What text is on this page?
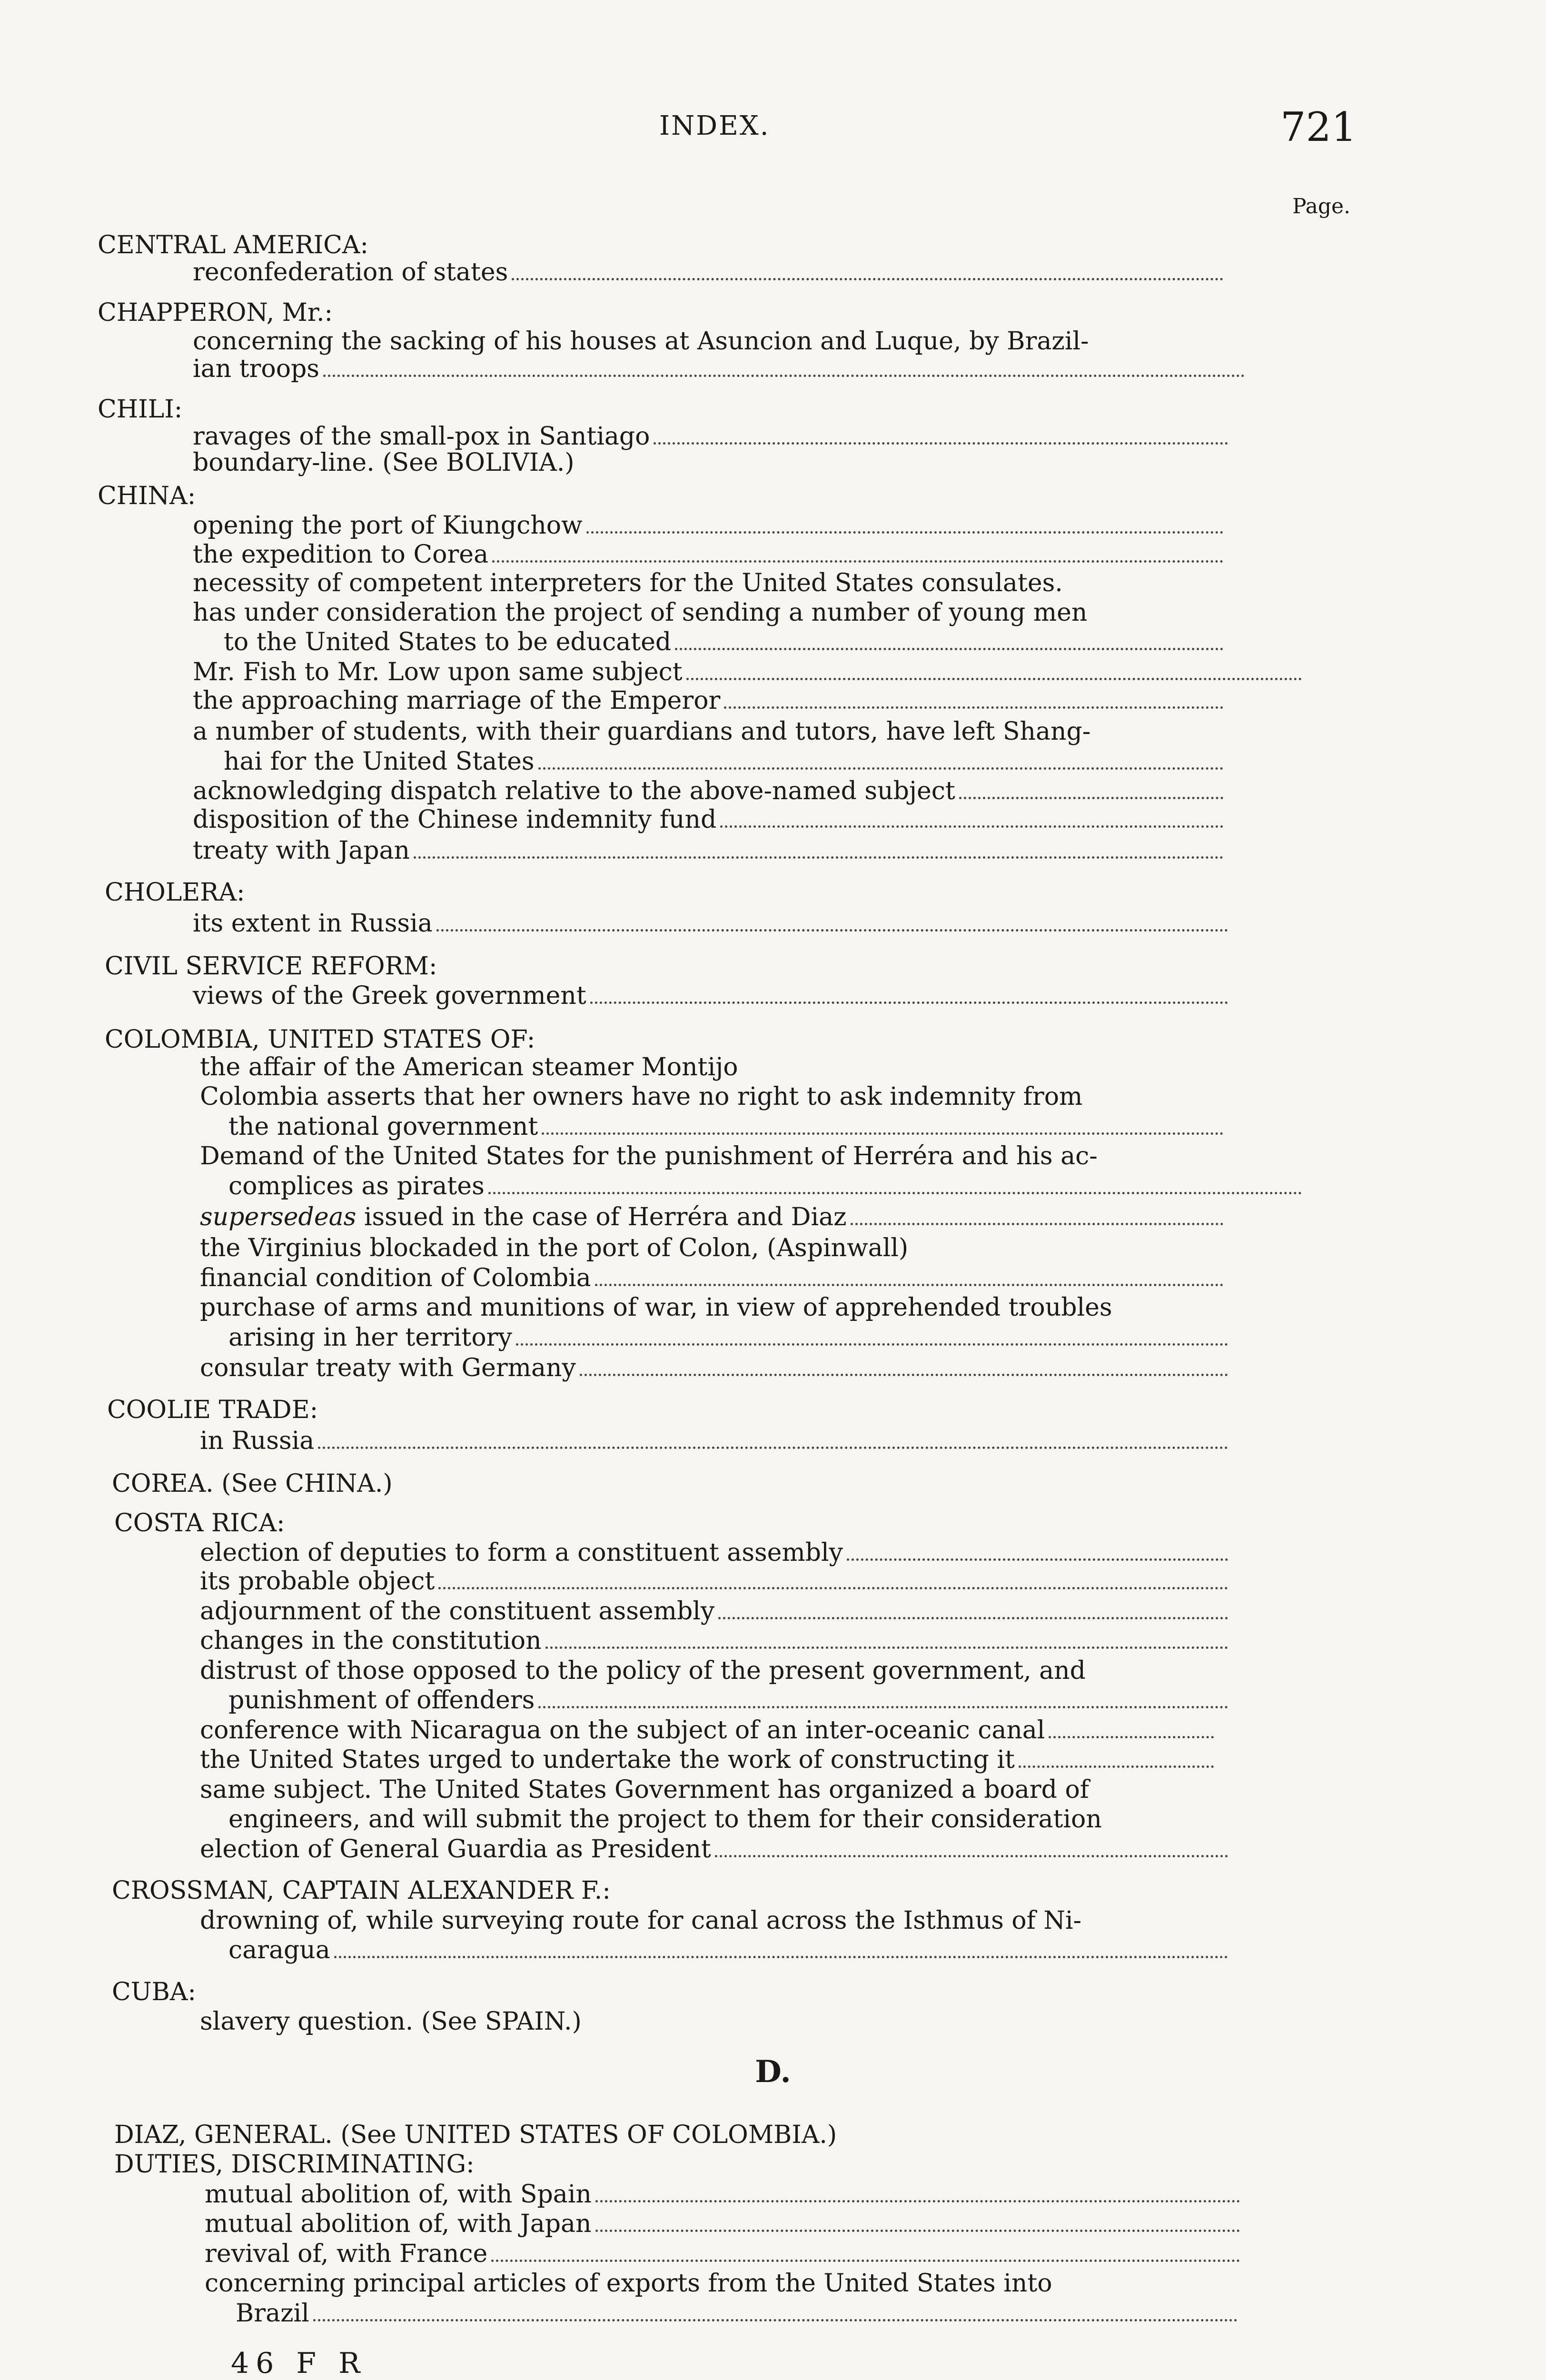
INDEX.	721
Page.
CENTRAL AMERICA:
reconfederation of states
CHAPPERON, Mr.:
concerning the sacking of his houses at Asuncion and Luque, by Brazil-
ian troops
CHILI:
ravages of the small-pox in Santiago
boundary-line. (See BOLIVIA.)
CHINA:
opening the port of Kiungchow
the expedition to Corea
necessity of competent interpreters for the United States consulates.
has under consideration the project of sending a number of young men
to the United States to be educated
Mr. Fish to Mr. Low upon same subject
the approaching marriage of the Emperor
a number of students, with their guardians and tutors, have left Shang-
hai for the United States
acknowledging dispatch relative to the above-named subject
disposition of the Chinese indemnity fund
treaty with Japan
CHOLERA:
its extent in Russia
CIVIL SERVICE REFORM:
views of the Greek government
COLOMBIA, UNITED STATES OF:
the affair of the American steamer Montijo
Colombia asserts that her owners have no right to ask indemnity from
the national government
Demand of the United States for the punishment of Herréra and his ac-
complices as pirates
supersedeas issued in the case of Herréra and Diaz
the Virginius blockaded in the port of Colon, (Aspinwall)
financial condition of Colombia
purchase of arms and munitions of war, in view of apprehended troubles
arising in her territory
consular treaty with Germany
COOLIE TRADE:
in Russia
COREA. (See CHINA.)
COSTA RICA:
election of deputies to form a constituent assembly
its probable object
adjournment of the constituent assembly
changes in the constitution
distrust of those opposed to the policy of the present government, and
punishment of offenders
conference with Nicaragua on the subject of an inter-oceanic canal
the United States urged to undertake the work of constructing it
same subject. The United States Government has organized a board of
engineers, and will submit the project to them for their consideration
election of General Guardia as President
CROSSMAN, CAPTAIN ALEXANDER F.:
drowning of, while surveying route for canal across the Isthmus of Ni-
caragua
CUBA:
slavery question. (See SPAIN.)
DIAZ, GENERAL. (See UNITED STATES OF COLOMBIA.)
DUTIES, DISCRIMINATING:
mutual abolition of, with Spain
mutual abolition of, with Japan
revival of, with France
concerning principal articles of exports from the United States into
Brazil
D.
46 F R
